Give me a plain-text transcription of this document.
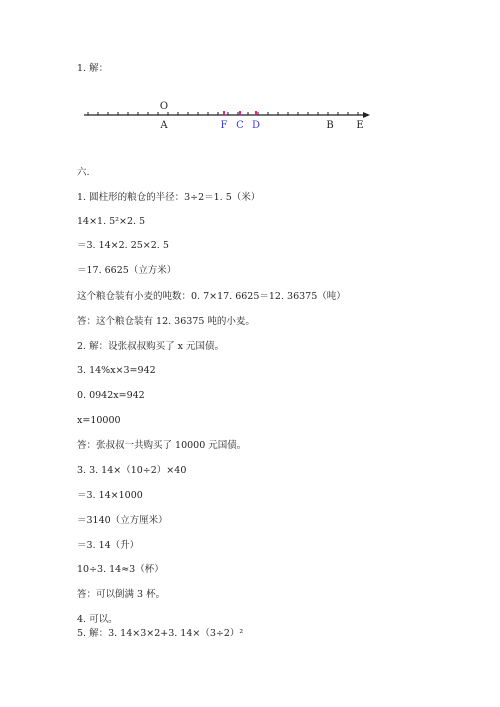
1. 解：
O
A	F C D	B E
六.
1. 圆柱形的粮仓的半径：3÷2＝1. 5（米）
14×1. 5²×2. 5
＝3. 14×2. 25×2. 5
＝17. 6625（立方米）
这个粮仓装有小麦的吨数：0. 7×17. 6625＝12. 36375（吨）
答：这个粮仓装有 12. 36375 吨的小麦。
2. 解：设张叔叔购买了 x 元国债。
3. 14%x×3=942
0. 0942x=942
x=10000
答：张叔叔一共购买了 10000 元国债。
3. 3. 14×（10÷2）×40
＝3. 14×1000
＝3140（立方厘米）
＝3. 14（升）
10÷3. 14≈3（杯）
答：可以倒满 3 杯。
4. 可以。
5. 解：3. 14×3×2+3. 14×（3÷2）²
